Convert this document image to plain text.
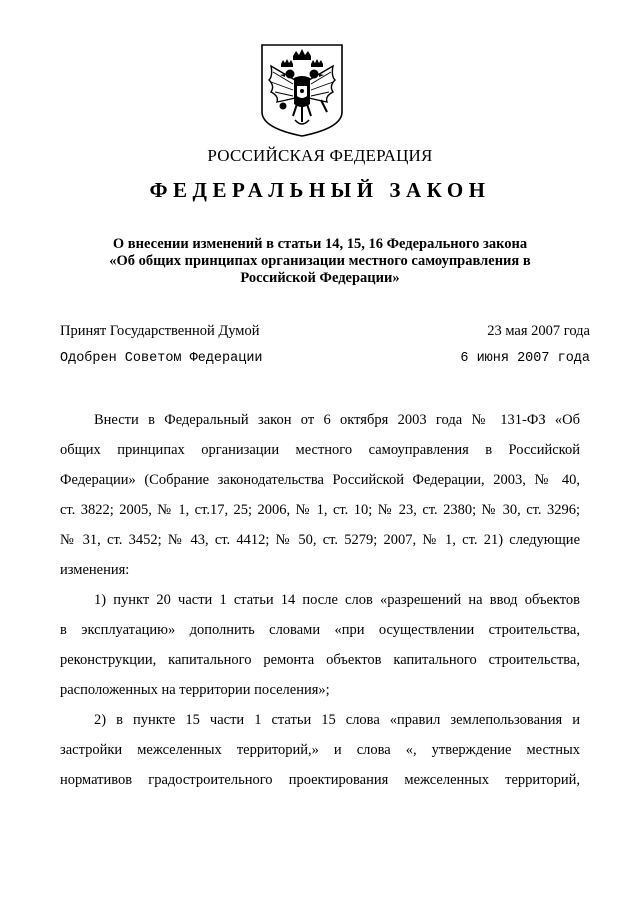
РОССИЙСКАЯ ФЕДЕРАЦИЯ
ФЕДЕРАЛЬНЫЙ ЗАКОН
О внесении изменений в статьи 14, 15, 16 Федерального закона
«Об общих принципах организации местного самоуправления в
Российской Федерации»
Принят Государственной Думой	23 мая 2007 года
Одобрен Советом Федерации	6 июня 2007 года
Внести в Федеральный закон от 6 октября 2003 года № 131-ФЗ «Об
общих принципах организации местного самоуправления в Российской
Федерации» (Собрание законодательства Российской Федерации, 2003, № 40,
ст. 3822; 2005, № 1, ст.17, 25; 2006, № 1, ст. 10; № 23, ст. 2380; № 30, ст. 3296;
№ 31, ст. 3452; № 43, ст. 4412; № 50, ст. 5279; 2007, № 1, ст. 21) следующие
изменения:
1) пункт 20 части 1 статьи 14 после слов «разрешений на ввод объектов
в эксплуатацию» дополнить словами «при осуществлении строительства,
реконструкции, капитального ремонта объектов капитального строительства,
расположенных на территории поселения»;
2) в пункте 15 части 1 статьи 15 слова «правил землепользования и
застройки межселенных территорий,» и слова «, утверждение местных
нормативов градостроительного проектирования межселенных территорий,
